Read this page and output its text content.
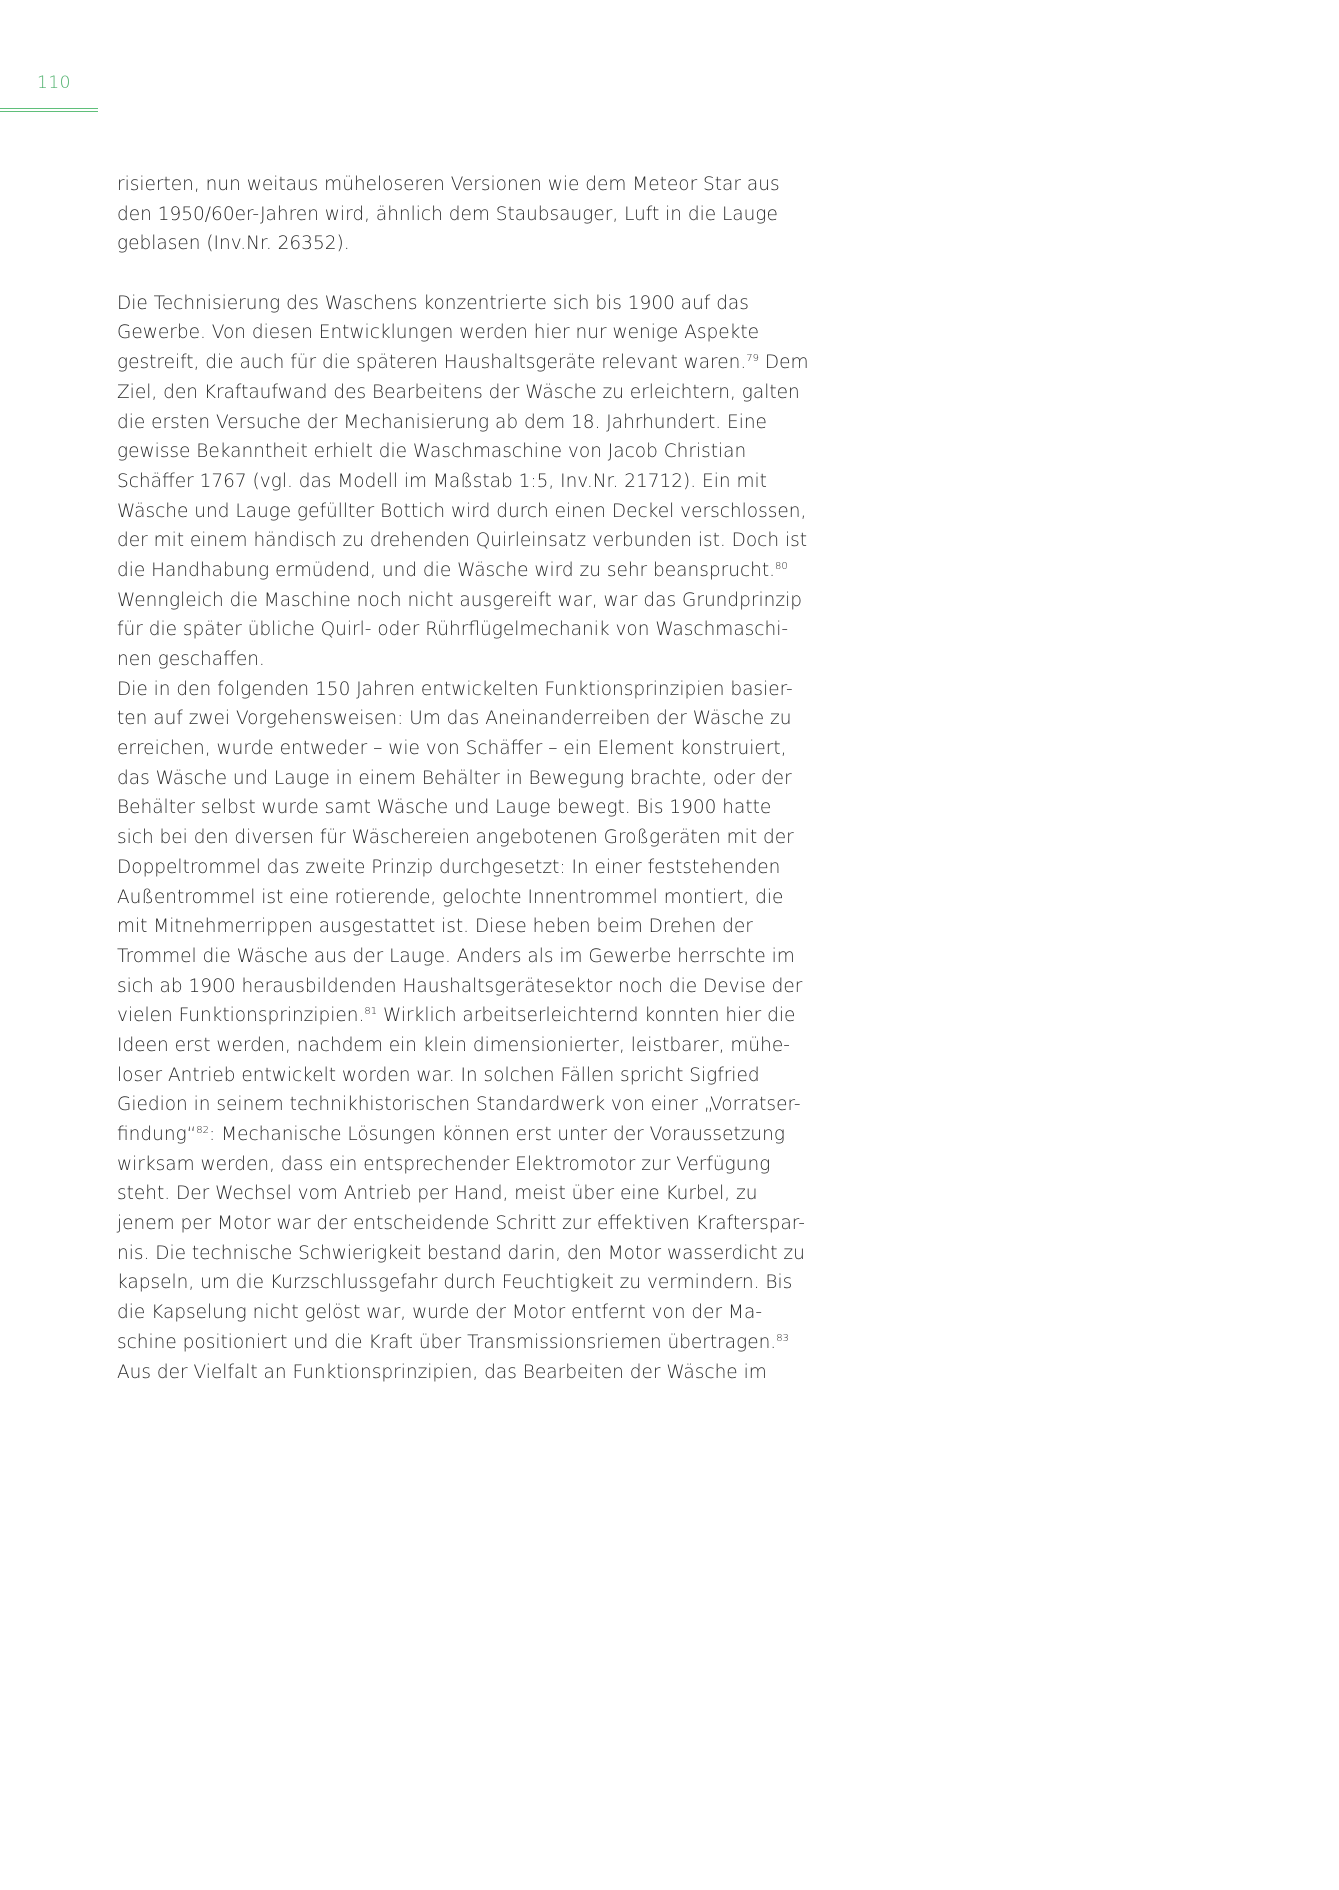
110
risierten, nun weitaus müheloseren Versionen wie dem Meteor Star aus
den 1950/60er-Jahren wird, ähnlich dem Staubsauger, Luft in die Lauge
geblasen (Inv.Nr. 26352).
Die Technisierung des Waschens konzentrierte sich bis 1900 auf das
Gewerbe. Von diesen Entwicklungen werden hier nur wenige Aspekte
gestreift, die auch für die späteren Haushaltsgeräte relevant waren.$^{79}$ Dem
Ziel, den Kraftaufwand des Bearbeitens der Wäsche zu erleichtern, galten
die ersten Versuche der Mechanisierung ab dem 18. Jahrhundert. Eine
gewisse Bekanntheit erhielt die Waschmaschine von Jacob Christian
Schäffer 1767 (vgl. das Modell im Maßstab 1:5, Inv.Nr. 21712). Ein mit
Wäsche und Lauge gefüllter Bottich wird durch einen Deckel verschlossen,
der mit einem händisch zu drehenden Quirleinsatz verbunden ist. Doch ist
die Handhabung ermüdend, und die Wäsche wird zu sehr beansprucht.$^{80}$
Wenngleich die Maschine noch nicht ausgereift war, war das Grundprinzip
für die später übliche Quirl- oder Rührflügelmechanik von Waschmaschi-
nen geschaffen.
Die in den folgenden 150 Jahren entwickelten Funktionsprinzipien basier-
ten auf zwei Vorgehensweisen: Um das Aneinanderreiben der Wäsche zu
erreichen, wurde entweder – wie von Schäffer – ein Element konstruiert,
das Wäsche und Lauge in einem Behälter in Bewegung brachte, oder der
Behälter selbst wurde samt Wäsche und Lauge bewegt. Bis 1900 hatte
sich bei den diversen für Wäschereien angebotenen Großgeräten mit der
Doppeltrommel das zweite Prinzip durchgesetzt: In einer feststehenden
Außentrommel ist eine rotierende, gelochte Innentrommel montiert, die
mit Mitnehmerrippen ausgestattet ist. Diese heben beim Drehen der
Trommel die Wäsche aus der Lauge. Anders als im Gewerbe herrschte im
sich ab 1900 herausbildenden Haushaltsgerätesektor noch die Devise der
vielen Funktionsprinzipien.$^{81}$ Wirklich arbeitserleichternd konnten hier die
Ideen erst werden, nachdem ein klein dimensionierter, leistbarer, mühe-
loser Antrieb entwickelt worden war. In solchen Fällen spricht Sigfried
Giedion in seinem technikhistorischen Standardwerk von einer „Vorratser-
findung“$^{82}$: Mechanische Lösungen können erst unter der Voraussetzung
wirksam werden, dass ein entsprechender Elektromotor zur Verfügung
steht. Der Wechsel vom Antrieb per Hand, meist über eine Kurbel, zu
jenem per Motor war der entscheidende Schritt zur effektiven Krafterspar-
nis. Die technische Schwierigkeit bestand darin, den Motor wasserdicht zu
kapseln, um die Kurzschlussgefahr durch Feuchtigkeit zu vermindern. Bis
die Kapselung nicht gelöst war, wurde der Motor entfernt von der Ma-
schine positioniert und die Kraft über Transmissionsriemen übertragen.$^{83}$
Aus der Vielfalt an Funktionsprinzipien, das Bearbeiten der Wäsche im
